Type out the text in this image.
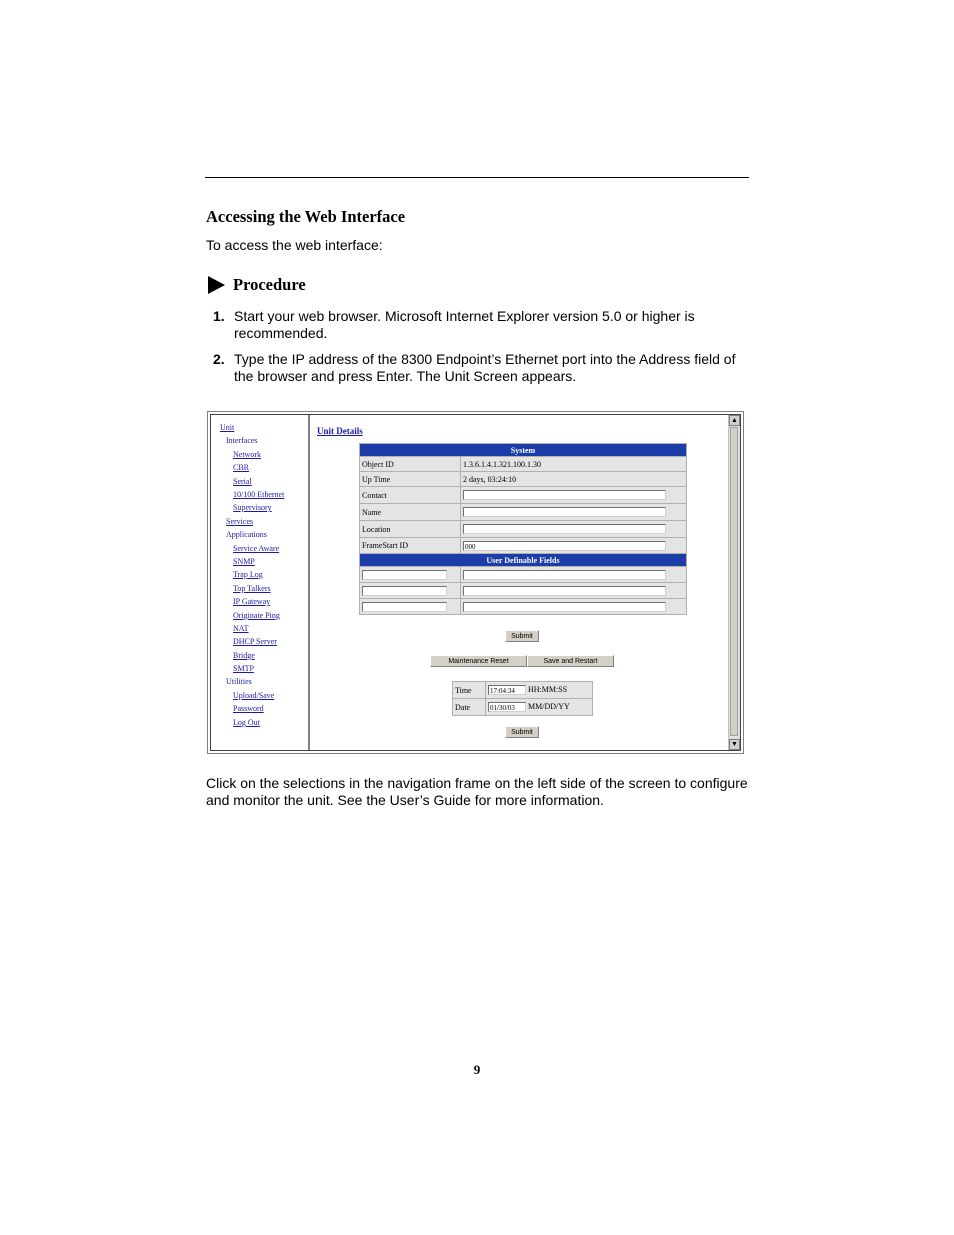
Accessing the Web Interface
To access the web interface:
Procedure
1. Start your web browser. Microsoft Internet Explorer version 5.0 or higher is recommended.
2. Type the IP address of the 8300 Endpoint’s Ethernet port into the Address field of the browser and press Enter. The Unit Screen appears.
Unit
Interfaces
Network
CBR
Serial
10/100 Ethernet
Supervisory
Services
Applications
Service Aware
SNMP
Trap Log
Top Talkers
IP Gateway
Originate Ping
NAT
DHCP Server
Bridge
SMTP
Utilities
Upload/Save
Password
Log Out
Unit Details
System	
Object ID	1.3.6.1.4.1.321.100.1.30
Up Time	2 days, 03:24:10
Contact	
Name	
Location	
FrameStart ID	000
User Definable Fields	

Submit
Maintenance Reset	Save and Restart
Time	17:04:34 HH:MM:SS
Date	01/30/03 MM/DD/YY
Submit
▲
▼
Click on the selections in the navigation frame on the left side of the screen to configure and monitor the unit. See the User’s Guide for more information.
9
